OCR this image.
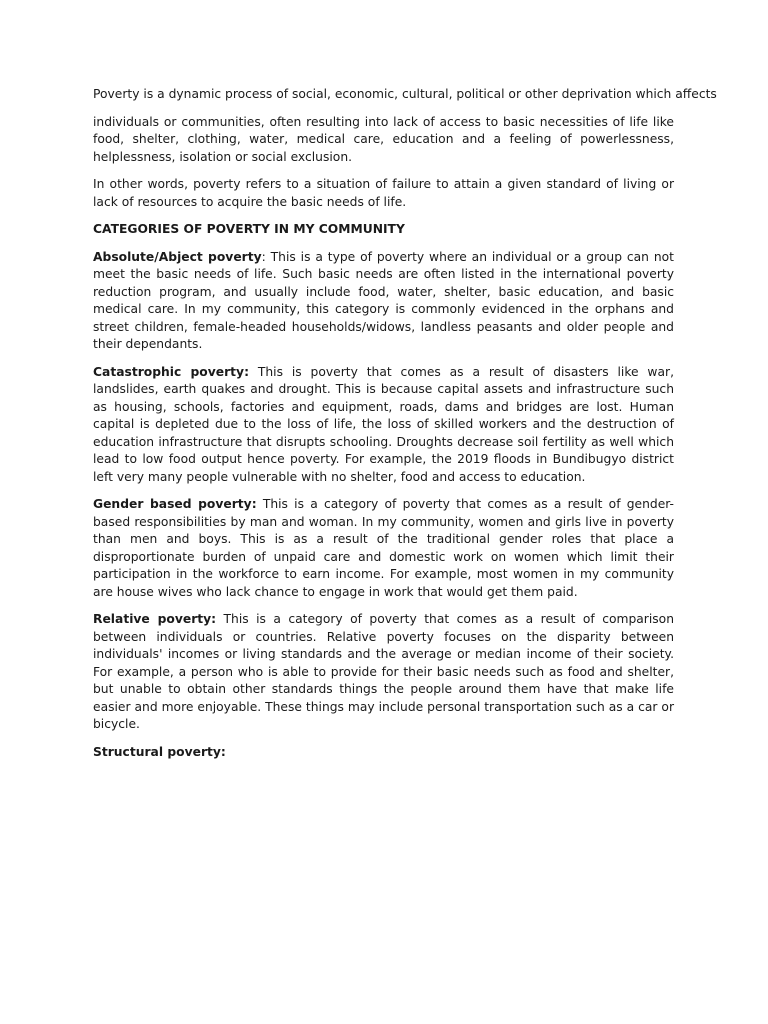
Poverty is a dynamic process of social, economic, cultural, political or other deprivation which affects

individuals or communities, often resulting into lack of access to basic necessities of life like food, shelter, clothing, water, medical care, education and a feeling of powerlessness, helplessness, isolation or social exclusion.

In other words, poverty refers to a situation of failure to attain a given standard of living or lack of resources to acquire the basic needs of life.

CATEGORIES OF POVERTY IN MY COMMUNITY

Absolute/Abject poverty: This is a type of poverty where an individual or a group can not meet the basic needs of life. Such basic needs are often listed in the international poverty reduction program, and usually include food, water, shelter, basic education, and basic medical care. In my community, this category is commonly evidenced in the orphans and street children, female-headed households/widows, landless peasants and older people and their dependants.

Catastrophic poverty: This is poverty that comes as a result of disasters like war, landslides, earth quakes and drought. This is because capital assets and infrastructure such as housing, schools, factories and equipment, roads, dams and bridges are lost. Human capital is depleted due to the loss of life, the loss of skilled workers and the destruction of education infrastructure that disrupts schooling. Droughts decrease soil fertility as well which lead to low food output hence poverty. For example, the 2019 floods in Bundibugyo district left very many people vulnerable with no shelter, food and access to education.

Gender based poverty: This is a category of poverty that comes as a result of gender-based responsibilities by man and woman. In my community, women and girls live in poverty than men and boys. This is as a result of the traditional gender roles that place a disproportionate burden of unpaid care and domestic work on women which limit their participation in the workforce to earn income. For example, most women in my community are house wives who lack chance to engage in work that would get them paid.

Relative poverty: This is a category of poverty that comes as a result of comparison between individuals or countries. Relative poverty focuses on the disparity between individuals' incomes or living standards and the average or median income of their society. For example, a person who is able to provide for their basic needs such as food and shelter, but unable to obtain other standards things the people around them have that make life easier and more enjoyable. These things may include personal transportation such as a car or bicycle.

Structural poverty:
